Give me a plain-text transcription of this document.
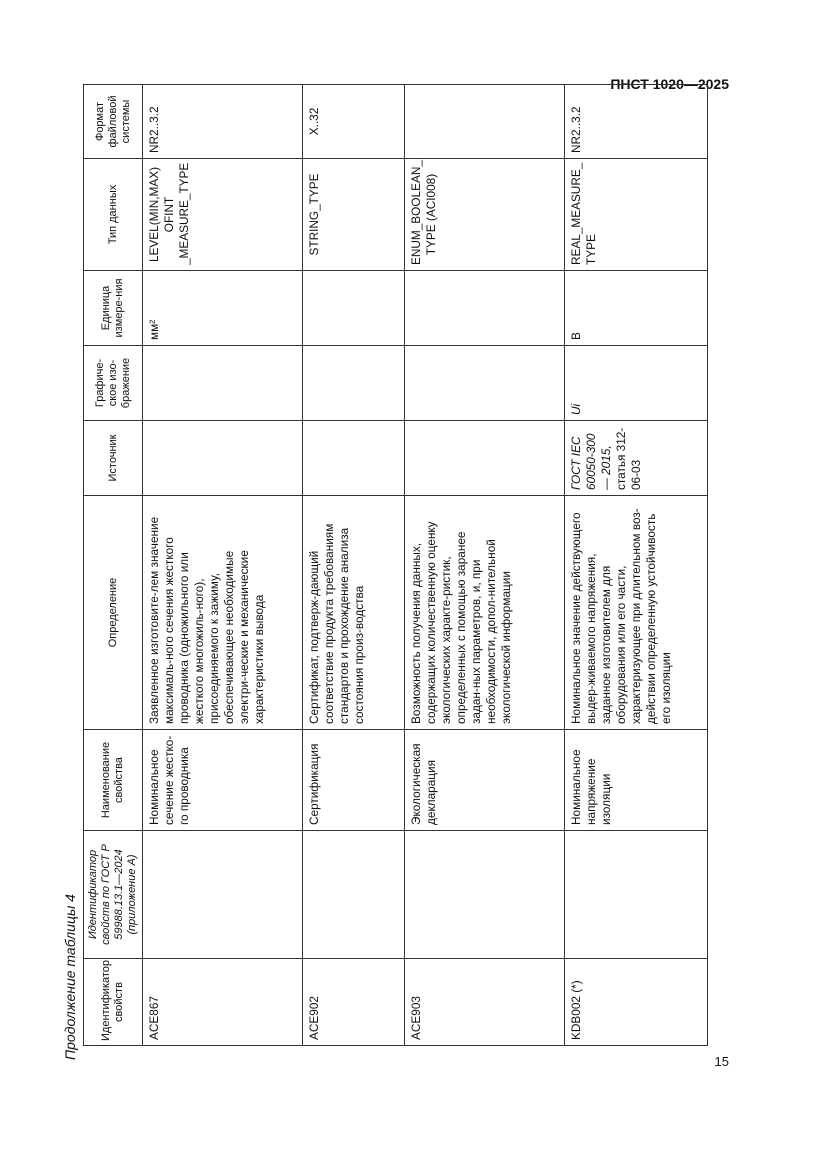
ПНСТ 1020—2025
Продолжение таблицы 4 Идентификатор свойств	Идентификатор свойств по ГОСТ Р 59988.13.1—2024 (приложение А)	Наименование свойства	Определение	Источник	Графиче-ское изо-бражение	Единица измере-ния	Тип данных	Формат файловой системы
ACE867		Номинальное сечение жестко-го проводника	Заявленное изготовите-лем значение максималь-ного сечения жесткого проводника (одножильного или жесткого многожиль-ного), присоединяемого к зажиму, обеспечивающее необходимые электри-ческие и механические характеристики вывода			мм²	LEVEL(MIN,MAX) OFINT _MEASURE_TYPE	NR2..3.2
ACE902		Сертификация	Сертификат, подтверж-дающий соответствие продукта требованиям стандартов и прохождение анализа состояния произ-водства				STRING_TYPE	X..32
ACE903		Экологическая декларация	Возможность получения данных, содержащих количественную оценку экологических характе-ристик, определенных с помощью заранее задан-ных параметров, и, при необходимости, допол-нительной экологической информации				ENUM_BOOLEAN_ TYPE (ACI008)	
KDB002 (*)		Номинальное напряжение изоляции	Номинальное значение действующего выдер-живаемого напряжения, заданное изготовителем для оборудования или его части, характеризующее при длительном воз-действии определенную устойчивость его изоляции	ГОСТ IEC 60050-300— 2015, статья 312-06-03	Ui	В	REAL_MEASURE_ TYPE	NR2..3.2
15
